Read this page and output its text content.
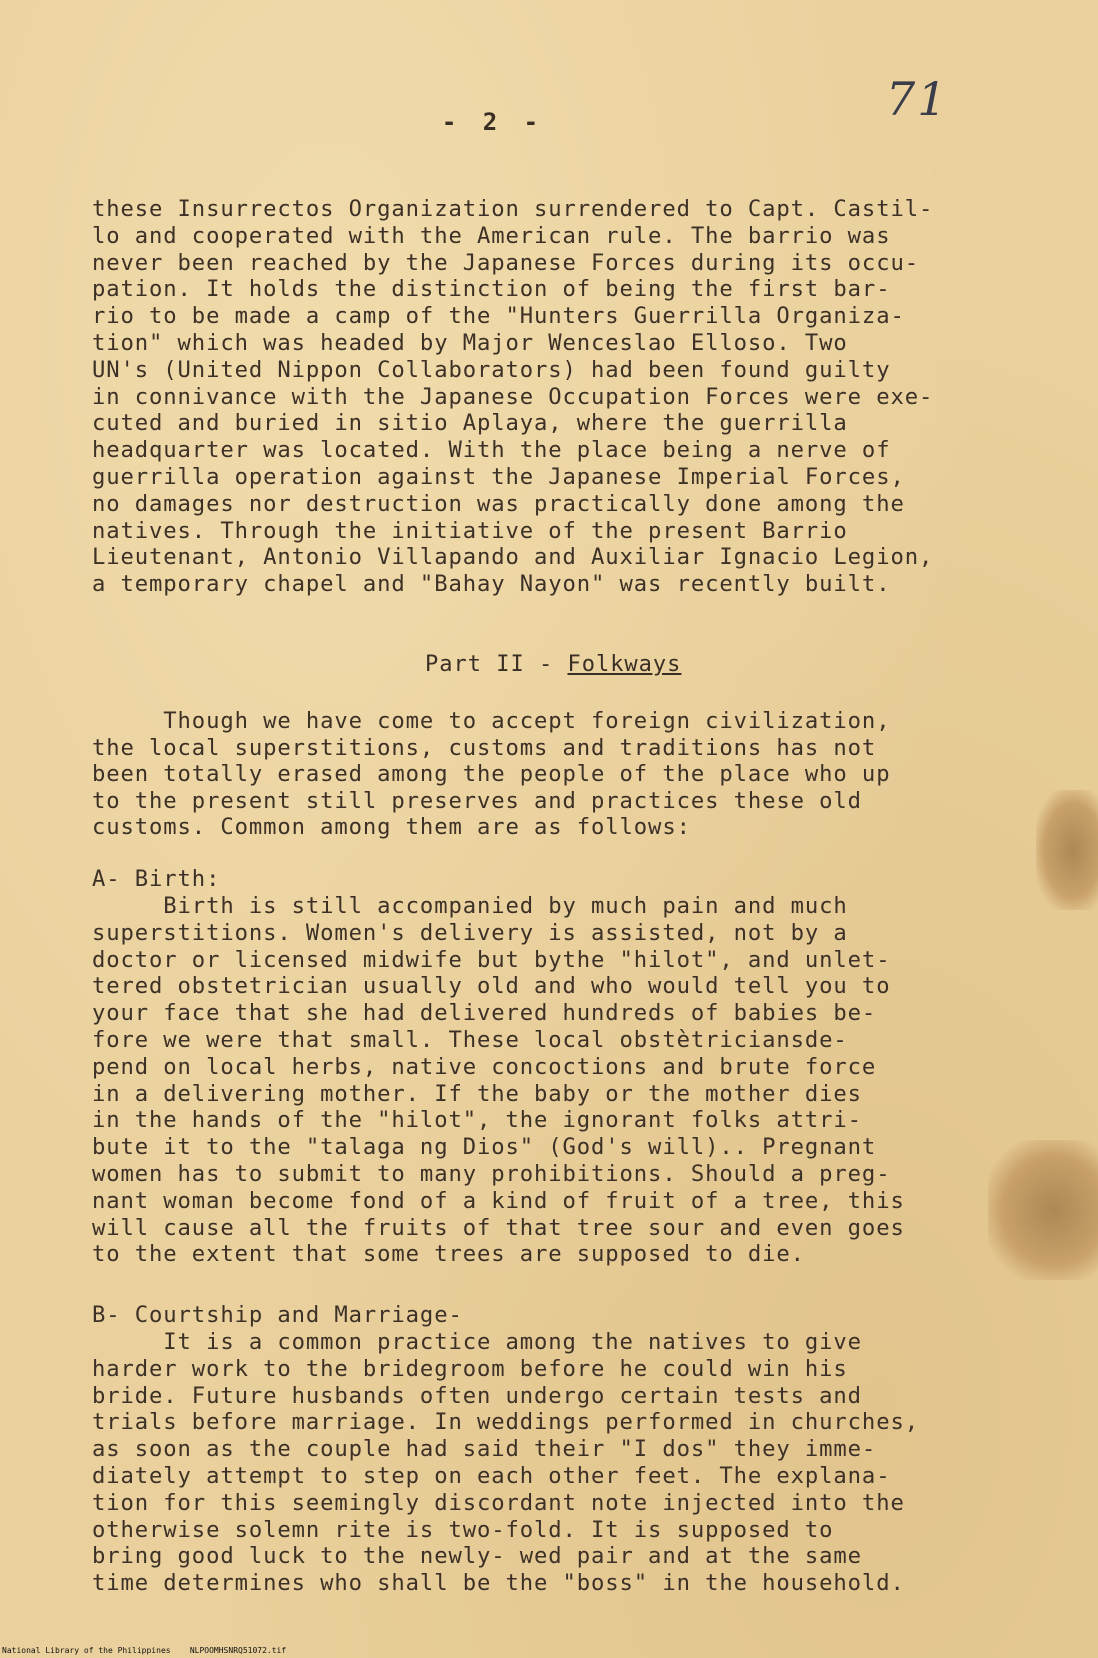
71
- 2 -
these Insurrectos Organization surrendered to Capt. Castil-
lo and cooperated with the American rule. The barrio was
never been reached by the Japanese Forces during its occu-
pation. It holds the distinction of being the first bar-
rio to be made a camp of the "Hunters Guerrilla Organiza-
tion" which was headed by Major Wenceslao Elloso. Two
UN's (United Nippon Collaborators) had been found guilty
in connivance with the Japanese Occupation Forces were exe-
cuted and buried in sitio Aplaya, where the guerrilla
headquarter was located. With the place being a nerve of
guerrilla operation against the Japanese Imperial Forces,
no damages nor destruction was practically done among the
natives. Through the initiative of the present Barrio
Lieutenant, Antonio Villapando and Auxiliar Ignacio Legion,
a temporary chapel and "Bahay Nayon" was recently built.
Part II - Folkways
Though we have come to accept foreign civilization,
the local superstitions, customs and traditions has not
been totally erased among the people of the place who up
to the present still preserves and practices these old
customs. Common among them are as follows:
A- Birth:
Birth is still accompanied by much pain and much
superstitions. Women's delivery is assisted, not by a
doctor or licensed midwife but bythe "hilot", and unlet-
tered obstetrician usually old and who would tell you to
your face that she had delivered hundreds of babies be-
fore we were that small. These local obstètriciansde-
pend on local herbs, native concoctions and brute force
in a delivering mother. If the baby or the mother dies
in the hands of the "hilot", the ignorant folks attri-
bute it to the "talaga ng Dios" (God's will).. Pregnant
women has to submit to many prohibitions. Should a preg-
nant woman become fond of a kind of fruit of a tree, this
will cause all the fruits of that tree sour and even goes
to the extent that some trees are supposed to die.
B- Courtship and Marriage-
It is a common practice among the natives to give
harder work to the bridegroom before he could win his
bride. Future husbands often undergo certain tests and
trials before marriage. In weddings performed in churches,
as soon as the couple had said their "I dos" they imme-
diately attempt to step on each other feet. The explana-
tion for this seemingly discordant note injected into the
otherwise solemn rite is two-fold. It is supposed to
bring good luck to the newly- wed pair and at the same
time determines who shall be the "boss" in the household.
National Library of the Philippines    NLPOOMHSNRQ51072.tif
